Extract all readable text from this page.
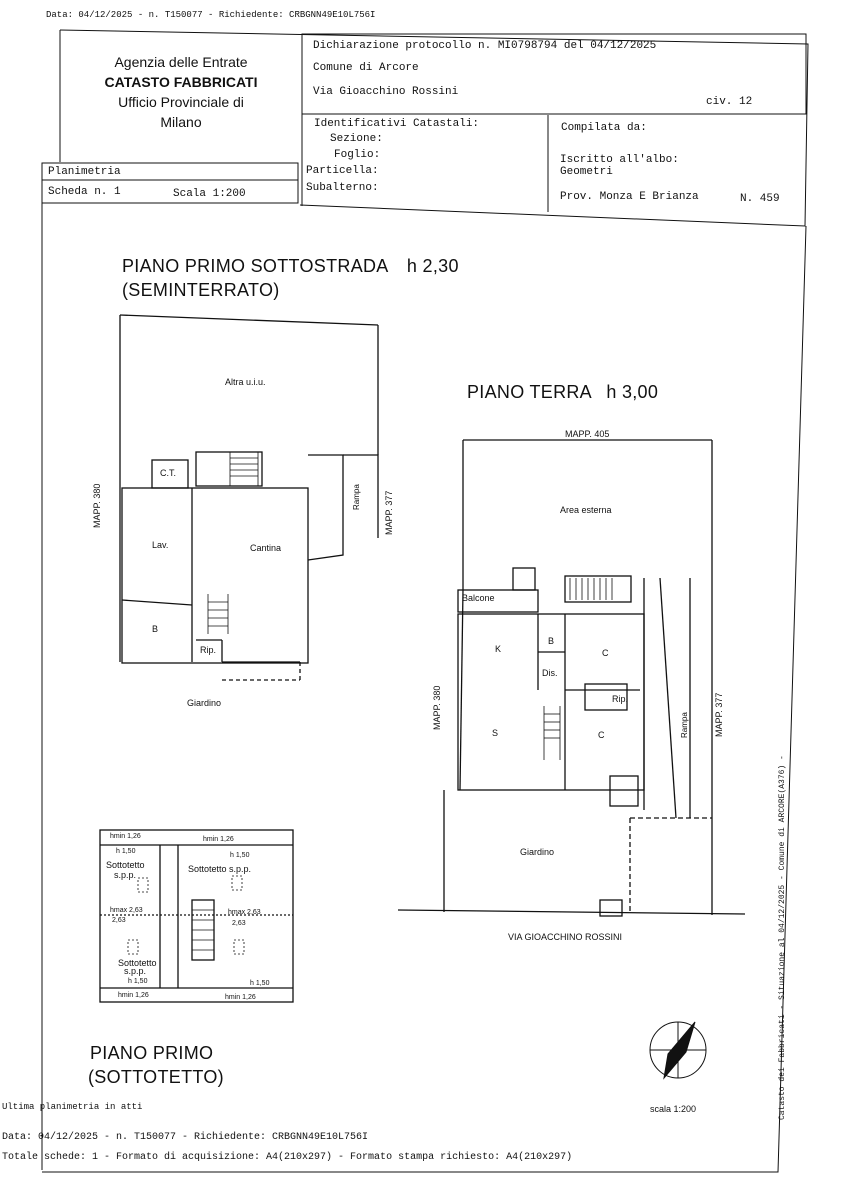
Data: 04/12/2025 - n. T150077 - Richiedente: CRBGNN49E10L756I
Agenzia delle Entrate
CATASTO FABBRICATI
Ufficio Provinciale di
Milano
Dichiarazione protocollo n. MI0798794 del 04/12/2025
Comune di Arcore
Via Gioacchino Rossini
civ. 12
Identificativi Catastali:
Sezione:
Foglio:
Particella:
Subalterno:
Compilata da:
Iscritto all'albo:
Geometri
Prov. Monza E Brianza	N. 459
Planimetria
Scheda n. 1	Scala 1:200
PIANO PRIMO SOTTOSTRADA h 2,30
(SEMINTERRATO)
PIANO TERRA h 3,00
PIANO PRIMO
(SOTTOTETTO)
Altra u.i.u.
C.T.
Lav.	Cantina
B
Rip.
Giardino
Rampa
MAPP. 380	MAPP. 377
MAPP. 405
Area esterna
Balcone
K
B
Dis.
C
Rip.
S	C	Rampa
Giardino
VIA GIOACCHINO ROSSINI
MAPP. 380	MAPP. 377
hmin 1,26	hmin 1,26
h 1,50
h 1,50
Sottotetto
s.p.p.
Sottotetto s.p.p.
hmax 2,63
2,63
hmax 2,63
2,63
Sottotetto
s.p.p.
h 1,50	h 1,50
hmin 1,26	hmin 1,26
scala 1:200
Ultima planimetria in atti
Data: 04/12/2025 - n. T150077 - Richiedente: CRBGNN49E10L756I
Totale schede: 1 - Formato di acquisizione: A4(210x297) - Formato stampa richiesto: A4(210x297)
Catasto dei Fabbricati - Situazione al 04/12/2025 - Comune di ARCORE(A376) -
